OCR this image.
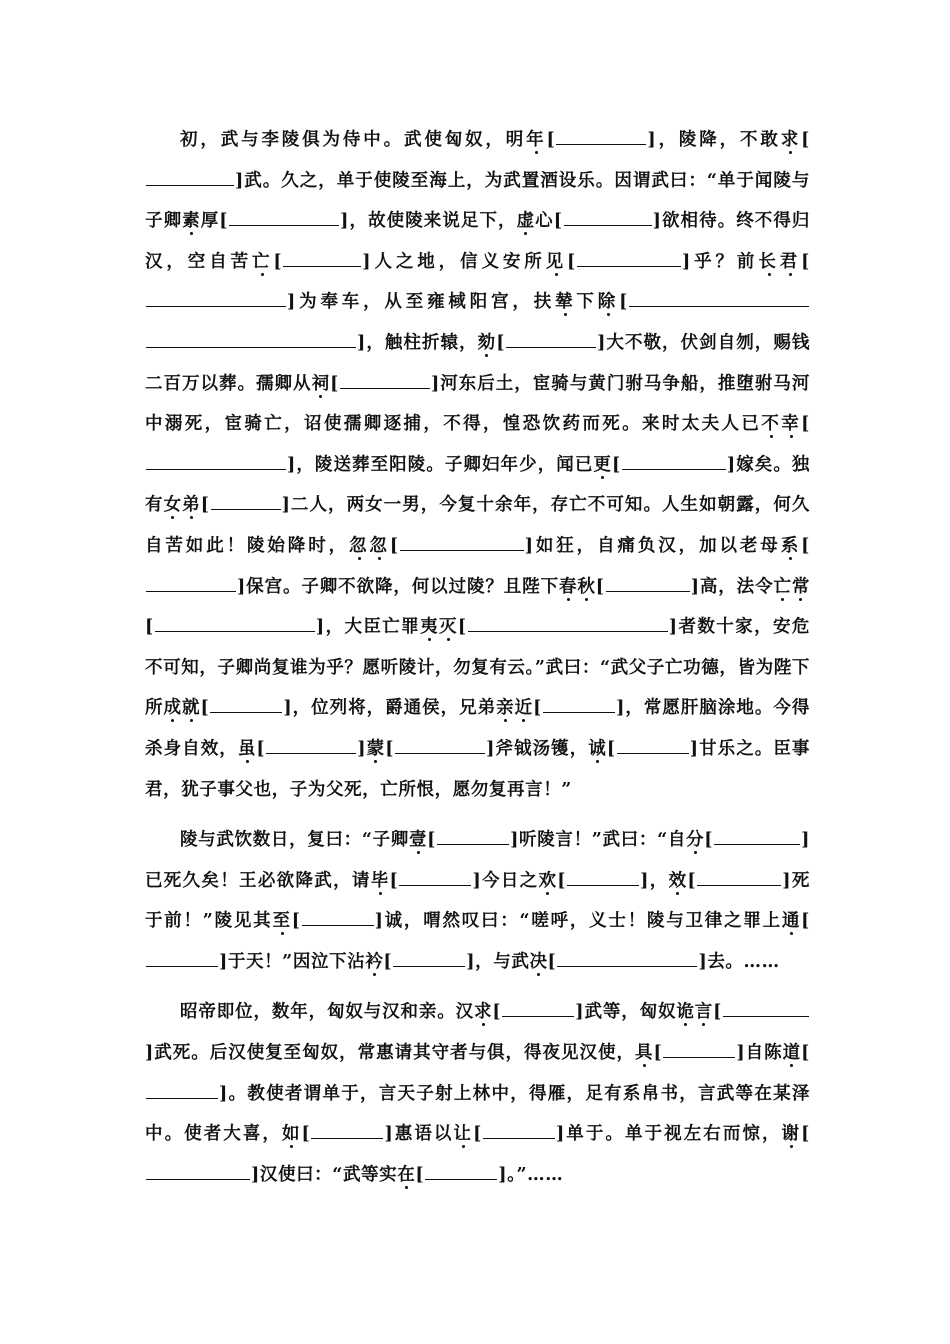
初，武与李陵俱为侍中。武使匈奴，明年[	]，陵降，不敢求[]武。久之，单于使陵至海上，为武置酒设乐。因谓武曰：“单于闻陵与子卿素厚[	]，故使陵来说足下，虚心[	]欲相待。终不得归汉，空自苦亡[	]人之地，信义安所见[	]乎？前长君[]为奉车，从至雍棫阳宫，扶辇下除[]，触柱折辕，劾[	]大不敬，伏剑自刎，赐钱二百万以葬。孺卿从祠[	]河东后土，宦骑与黄门驸马争船，推堕驸马河中溺死，宦骑亡，诏使孺卿逐捕，不得，惶恐饮药而死。来时太夫人已不幸[]，陵送葬至阳陵。子卿妇年少，闻已更[	]嫁矣。独有女弟[	]二人，两女一男，今复十余年，存亡不可知。人生如朝露，何久自苦如此！陵始降时，忽忽[	]如狂，自痛负汉，加以老母系[]保宫。子卿不欲降，何以过陵？且陛下春秋[	]高，法令亡常[	]，大臣亡罪夷灭[	]者数十家，安危不可知，子卿尚复谁为乎？愿听陵计，勿复有云。”武曰：“武父子亡功德，皆为陛下所成就[	]，位列将，爵通侯，兄弟亲近[	]，常愿肝脑涂地。今得杀身自效，虽[	]蒙[	]斧钺汤镬，诚[	]甘乐之。臣事君，犹子事父也，子为父死，亡所恨，愿勿复再言！”

陵与武饮数日，复曰：“子卿壹[	]听陵言！”武曰：“自分[	]已死久矣！王必欲降武，请毕[	]今日之欢[	]，效[	]死于前！”陵见其至[	]诚，喟然叹曰：“嗟呼，义士！陵与卫律之罪上通[]于天！”因泣下沾衿[	]，与武决[	]去。……

昭帝即位，数年，匈奴与汉和亲。汉求[	]武等，匈奴诡言[]武死。后汉使复至匈奴，常惠请其守者与俱，得夜见汉使，具[	]自陈道[]。教使者谓单于，言天子射上林中，得雁，足有系帛书，言武等在某泽中。使者大喜，如[	]惠语以让[	]单于。单于视左右而惊，谢[]汉使曰：“武等实在[	]。”……
